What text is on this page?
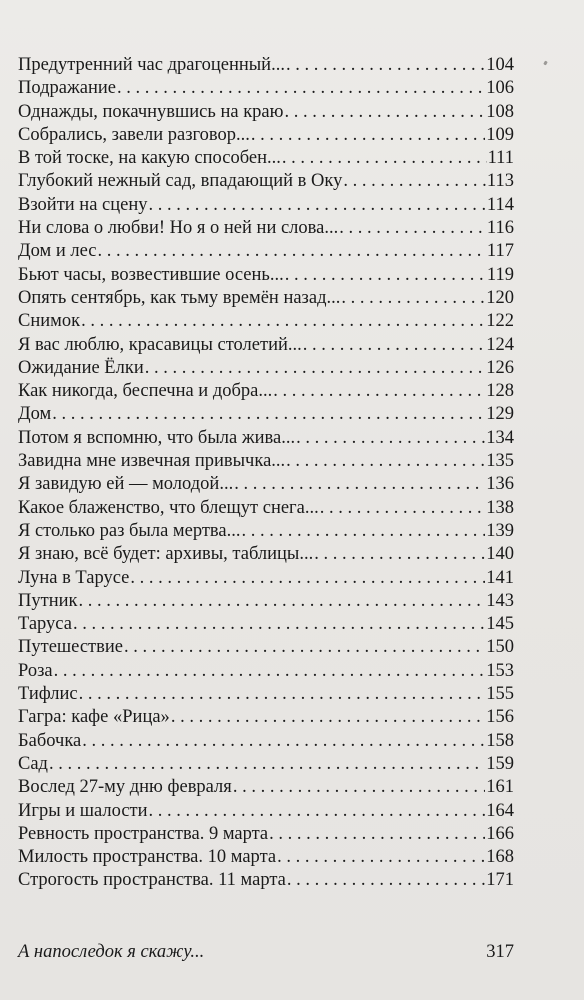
Предутренний час драгоценный... . . .	104
Подражание . . .	106
Однажды, покачнувшись на краю . . .	108
Собрались, завели разговор... . . .	109
В той тоске, на какую способен... . . .	111
Глубокий нежный сад, впадающий в Оку . . .	113
Взойти на сцену . . .	114
Ни слова о любви! Но я о ней ни слова... . . .	116
Дом и лес . . .	117
Бьют часы, возвестившие осень... . . .	119
Опять сентябрь, как тьму времён назад... . . .	120
Снимок . . .	122
Я вас люблю, красавицы столетий... . . .	124
Ожидание Ёлки . . .	126
Как никогда, беспечна и добра... . . .	128
Дом . . .	129
Потом я вспомню, что была жива... . . .	134
Завидна мне извечная привычка... . . .	135
Я завидую ей — молодой... . . .	136
Какое блаженство, что блещут снега... . . .	138
Я столько раз была мертва... . . .	139
Я знаю, всё будет: архивы, таблицы... . . .	140
Луна в Тарусе . . .	141
Путник . . .	143
Таруса . . .	145
Путешествие . . .	150
Роза . . .	153
Тифлис . . .	155
Гагра: кафе «Рица» . . .	156
Бабочка . . .	158
Сад . . .	159
Вослед 27-му дню февраля . . .	161
Игры и шалости . . .	164
Ревность пространства. 9 марта . . .	166
Милость пространства. 10 марта . . .	168
Строгость пространства. 11 марта . . .	171
А напоследок я скажу...	317
